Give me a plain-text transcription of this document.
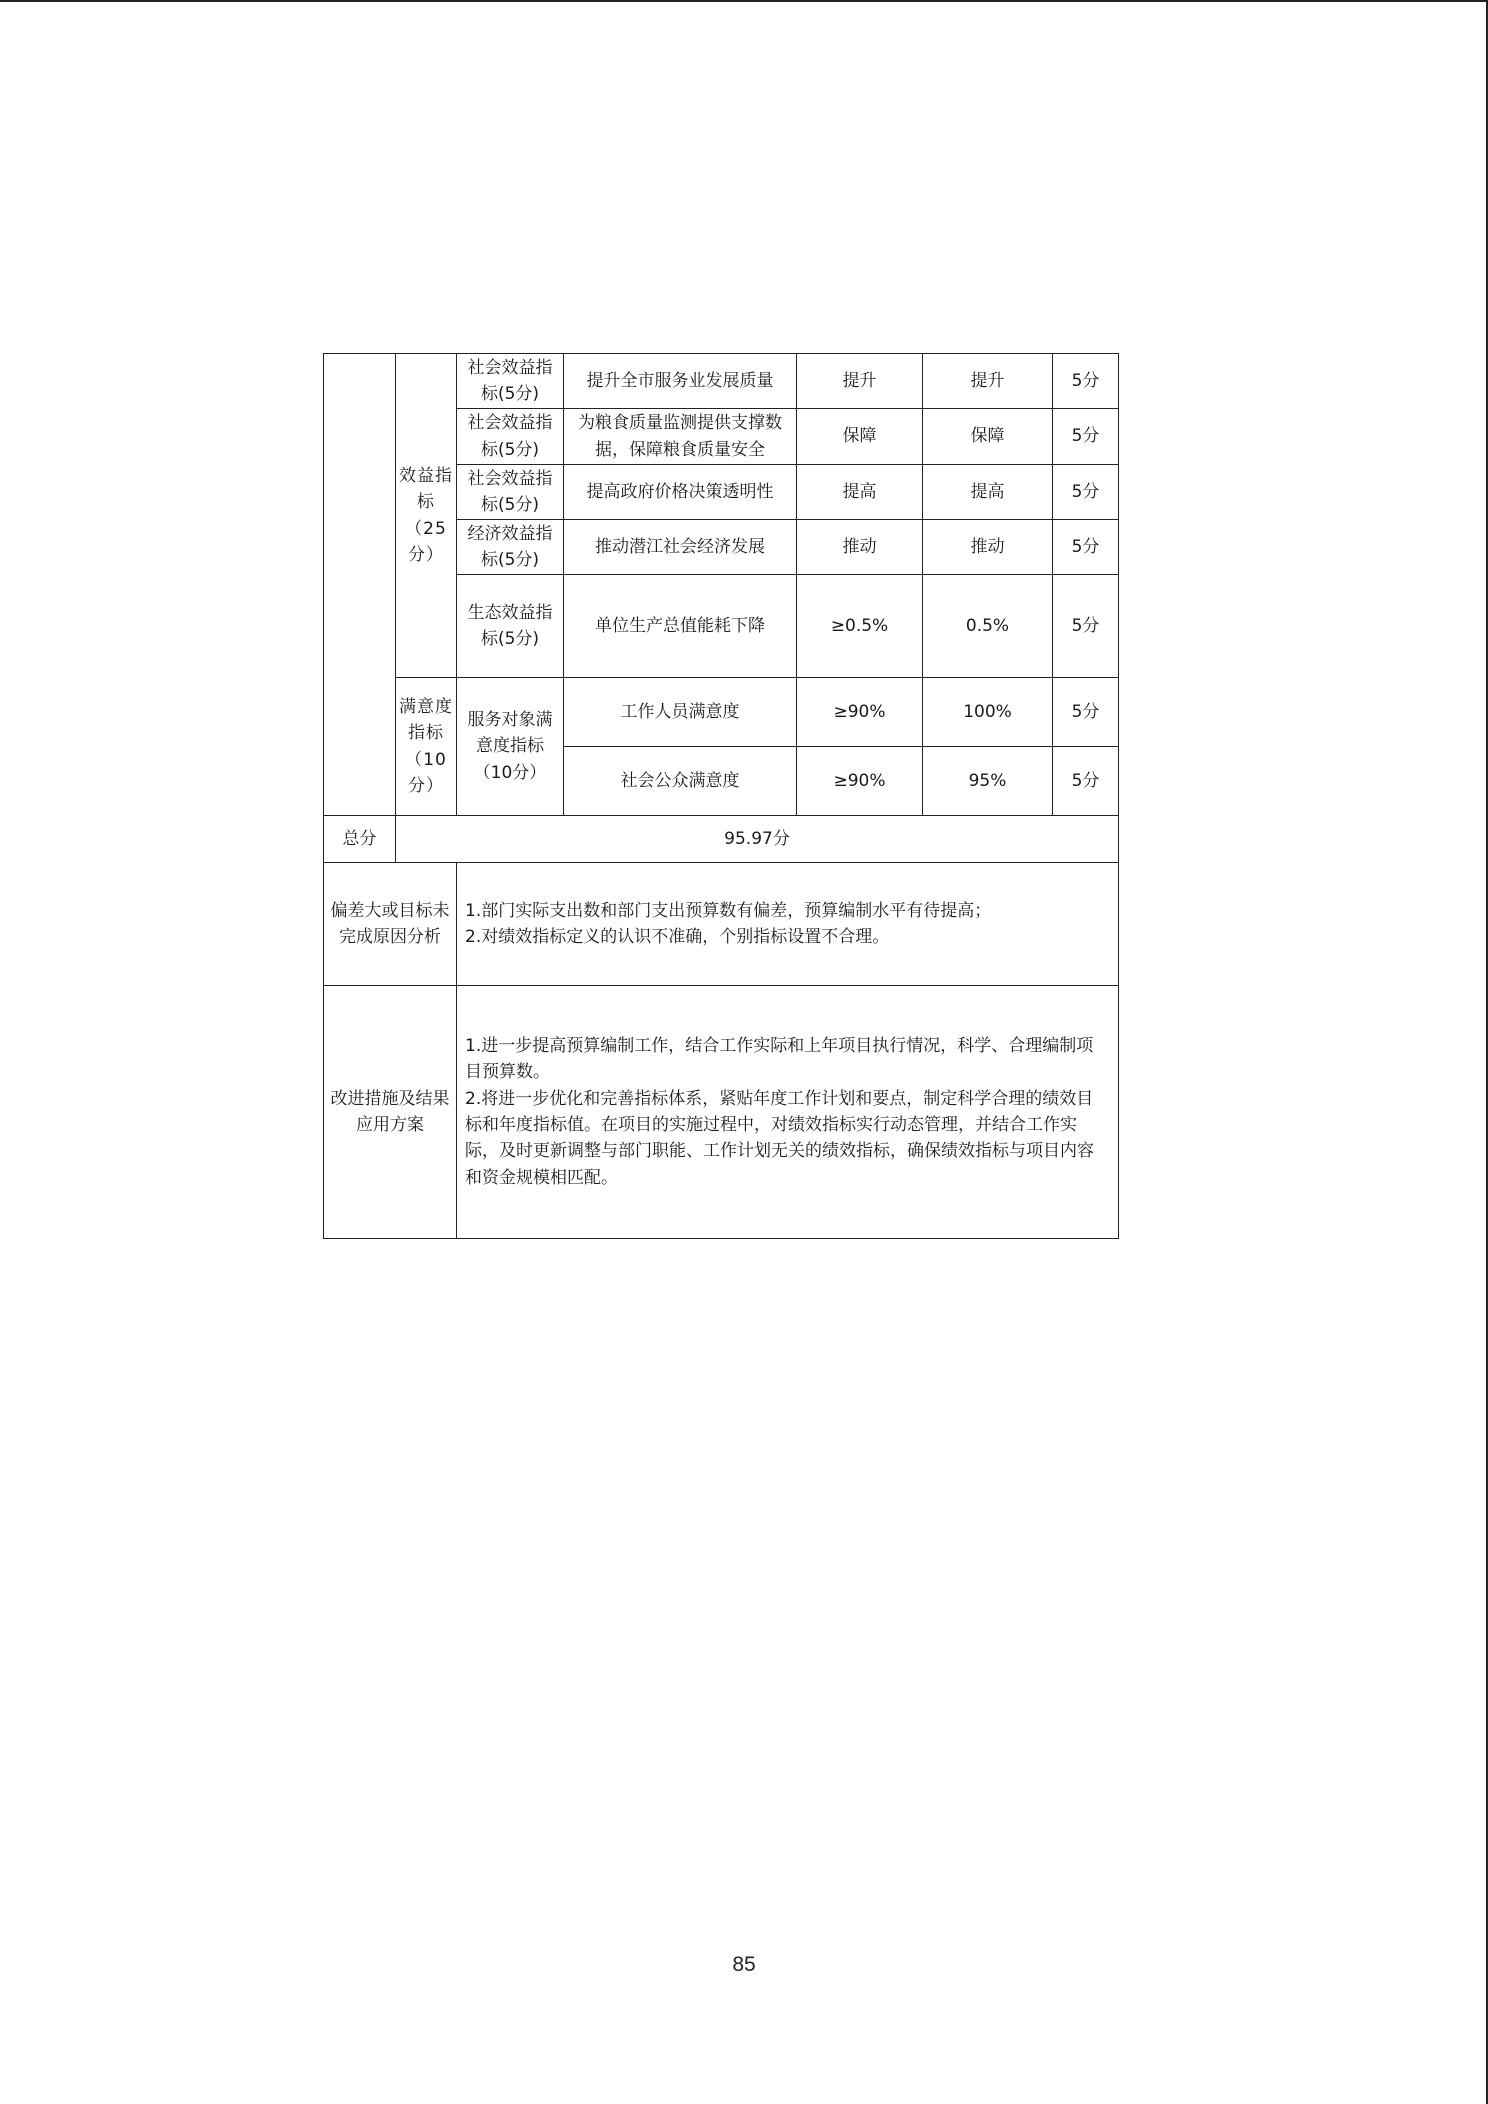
	效益指标（25分）	社会效益指标(5分)	提升全市服务业发展质量	提升	提升	5分
		社会效益指标(5分)	为粮食质量监测提供支撑数据，保障粮食质量安全	保障	保障	5分
		社会效益指标(5分)	提高政府价格决策透明性	提高	提高	5分
		经济效益指标(5分)	推动潜江社会经济发展	推动	推动	5分
		生态效益指标(5分)	单位生产总值能耗下降	≥0.5%	0.5%	5分
	满意度指标（10分）	服务对象满意度指标（10分）	工作人员满意度	≥90%	100%	5分
			社会公众满意度	≥90%	95%	5分
总分	95.97分					
偏差大或目标未完成原因分析		1.部门实际支出数和部门支出预算数有偏差，预算编制水平有待提高；
2.对绩效指标定义的认识不准确，个别指标设置不合理。				

改进措施及结果应用方案		1.进一步提高预算编制工作，结合工作实际和上年项目执行情况，科学、合理编制项目预算数。
2.将进一步优化和完善指标体系，紧贴年度工作计划和要点，制定科学合理的绩效目标和年度指标值。在项目的实施过程中，对绩效指标实行动态管理，并结合工作实际，及时更新调整与部门职能、工作计划无关的绩效指标，确保绩效指标与项目内容和资金规模相匹配。				
85
